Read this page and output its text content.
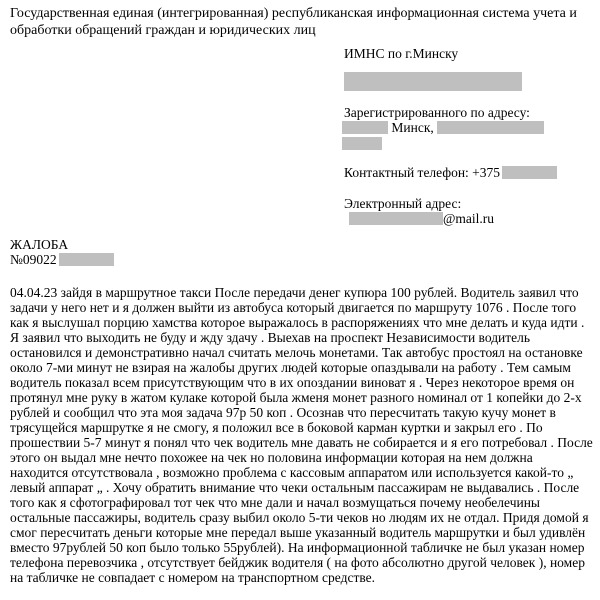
Государственная единая (интегрированная) республиканская информационная система учета и обработки обращений граждан и юридических лиц
ИМНС по г.Минску
Зарегистрированного по адресу:
Минск,
Контактный телефон: +375
Электронный адрес:
@mail.ru
ЖАЛОБА
№09022
04.04.23 зайдя в маршрутное такси После передачи денег купюра 100 рублей. Водитель заявил что задачи у него нет и я должен выйти из автобуса который двигается по маршруту 1076 . После того как я выслушал порцию хамства которое выражалось в распоряжениях что мне делать и куда идти . Я заявил что выходить не буду и жду здачу . Выехав на проспект Независимости водитель остановился и демонстративно начал считать мелочь монетами. Так автобус простоял на остановке около 7-ми минут не взирая на жалобы других людей которые опаздывали на работу . Тем самым водитель показал всем присутствующим что в их опоздании виноват я . Через некоторое время он протянул мне руку в жатом кулаке которой была жменя монет разного номинал от 1 копейки до 2-х рублей и сообщил что эта моя задача 97р 50 коп . Осознав что пересчитать такую кучу монет в трясущейся маршрутке я не смогу, я положил все в боковой карман куртки и закрыл его . По прошествии 5-7 минут я понял что чек водитель мне давать не собирается и я его потребовал . После этого он выдал мне нечто похожее на чек но половина информации которая на нем должна находится отсутствовала , возможно проблема с кассовым аппаратом или используется какой-то „ левый аппарат „ . Хочу обратить внимание что чеки остальным пассажирам не выдавались . После того как я сфотографировал тот чек что мне дали и начал возмущаться почему необелечины остальные пассажиры, водитель сразу выбил около 5-ти чеков но людям их не отдал. Придя домой я смог пересчитать деньги которые мне передал выше указанный водитель маршрутки и был удивлён вместо 97рублей 50 коп было только 55рублей). На информационной табличке не был указан номер телефона перевозчика , отсутствует бейджик водителя ( на фото абсолютно другой человек ), номер на табличке не совпадает с номером на транспортном средстве.
